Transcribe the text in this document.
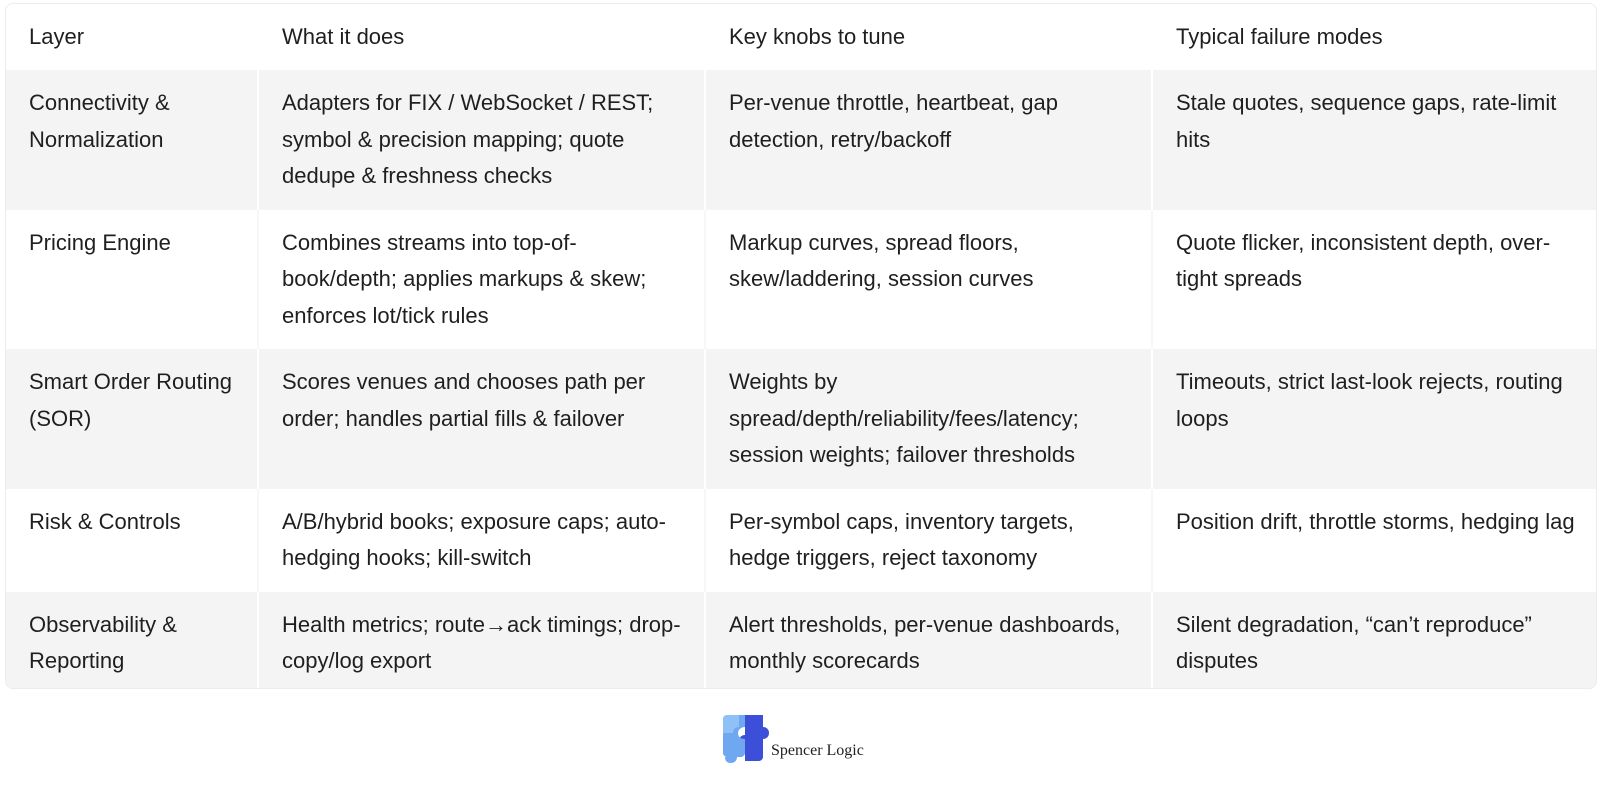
Layer	What it does	Key knobs to tune	Typical failure modes
Connectivity & Normalization	Adapters for FIX / WebSocket / REST; symbol & precision mapping; quote dedupe & freshness checks	Per-venue throttle, heartbeat, gap detection, retry/backoff	Stale quotes, sequence gaps, rate-limit hits
Pricing Engine	Combines streams into top-of-book/depth; applies markups & skew; enforces lot/tick rules	Markup curves, spread floors, skew/laddering, session curves	Quote flicker, inconsistent depth, over-tight spreads
Smart Order Routing (SOR)	Scores venues and chooses path per order; handles partial fills & failover	Weights by spread/depth/reliability/fees/latency; session weights; failover thresholds	Timeouts, strict last-look rejects, routing loops
Risk & Controls	A/B/hybrid books; exposure caps; auto-hedging hooks; kill-switch	Per-symbol caps, inventory targets, hedge triggers, reject taxonomy	Position drift, throttle storms, hedging lag
Observability & Reporting	Health metrics; route→ack timings; drop-copy/log export	Alert thresholds, per-venue dashboards, monthly scorecards	Silent degradation, “can’t reproduce” disputes
Spencer Logic
